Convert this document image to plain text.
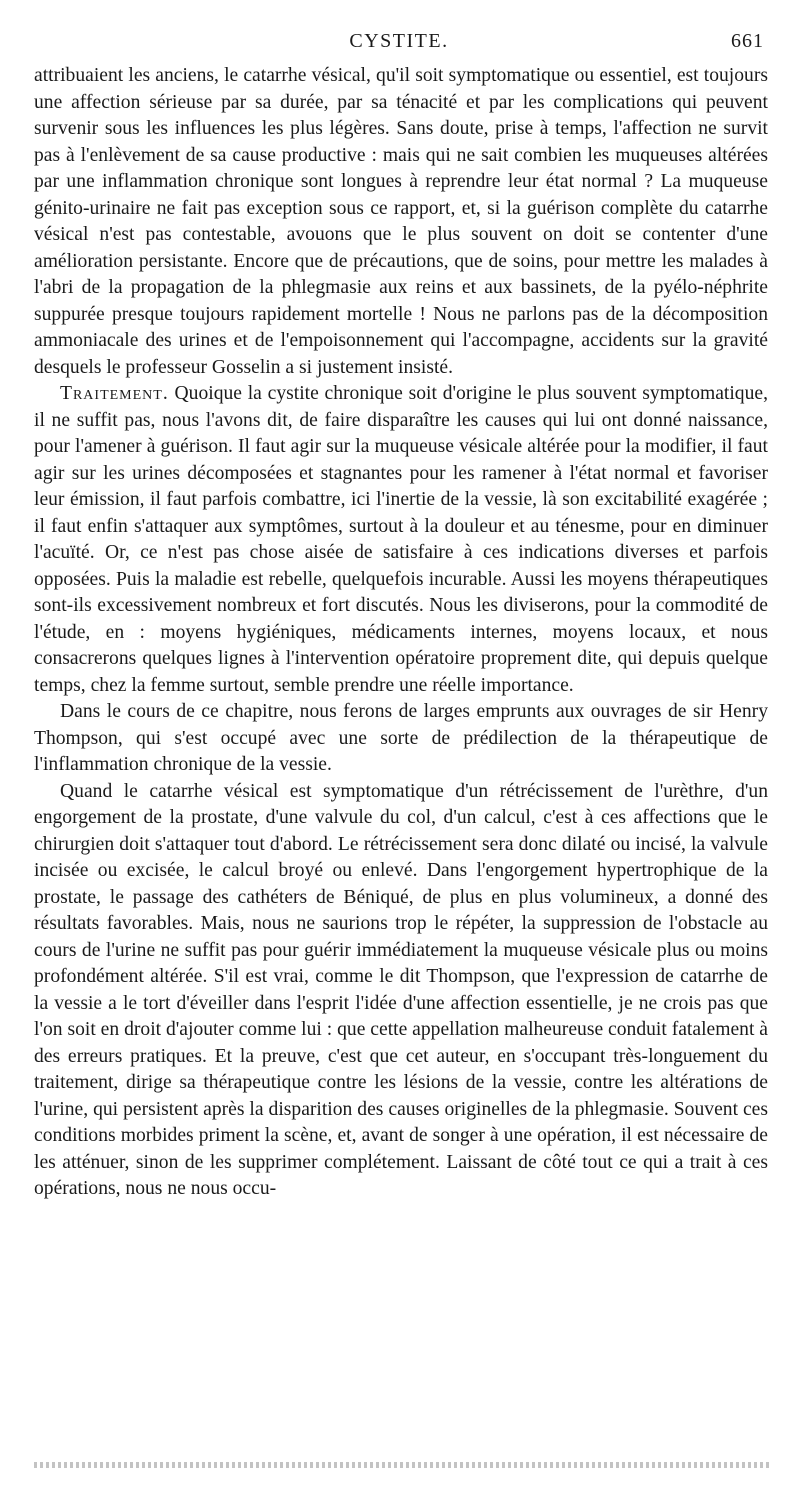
CYSTITE.	661

attribuaient les anciens, le catarrhe vésical, qu'il soit symptomatique ou essentiel, est toujours une affection sérieuse par sa durée, par sa ténacité et par les complications qui peuvent survenir sous les influences les plus légères. Sans doute, prise à temps, l'affection ne survit pas à l'enlèvement de sa cause productive : mais qui ne sait combien les muqueuses altérées par une inflammation chronique sont longues à reprendre leur état normal ? La muqueuse génito-urinaire ne fait pas exception sous ce rapport, et, si la guérison complète du catarrhe vésical n'est pas contestable, avouons que le plus souvent on doit se contenter d'une amélioration persistante. Encore que de précautions, que de soins, pour mettre les malades à l'abri de la propagation de la phlegmasie aux reins et aux bassinets, de la pyélo-néphrite suppurée presque toujours rapidement mortelle ! Nous ne parlons pas de la décomposition ammoniacale des urines et de l'empoisonnement qui l'accompagne, accidents sur la gravité desquels le professeur Gosselin a si justement insisté.

Traitement. Quoique la cystite chronique soit d'origine le plus souvent symptomatique, il ne suffit pas, nous l'avons dit, de faire disparaître les causes qui lui ont donné naissance, pour l'amener à guérison. Il faut agir sur la muqueuse vésicale altérée pour la modifier, il faut agir sur les urines décomposées et stagnantes pour les ramener à l'état normal et favoriser leur émission, il faut parfois combattre, ici l'inertie de la vessie, là son excitabilité exagérée ; il faut enfin s'attaquer aux symptômes, surtout à la douleur et au ténesme, pour en diminuer l'acuïté. Or, ce n'est pas chose aisée de satisfaire à ces indications diverses et parfois opposées. Puis la maladie est rebelle, quelquefois incurable. Aussi les moyens thérapeutiques sont-ils excessivement nombreux et fort discutés. Nous les diviserons, pour la commodité de l'étude, en : moyens hygiéniques, médicaments internes, moyens locaux, et nous consacrerons quelques lignes à l'intervention opératoire proprement dite, qui depuis quelque temps, chez la femme surtout, semble prendre une réelle importance.

Dans le cours de ce chapitre, nous ferons de larges emprunts aux ouvrages de sir Henry Thompson, qui s'est occupé avec une sorte de prédilection de la thérapeutique de l'inflammation chronique de la vessie.

Quand le catarrhe vésical est symptomatique d'un rétrécissement de l'urèthre, d'un engorgement de la prostate, d'une valvule du col, d'un calcul, c'est à ces affections que le chirurgien doit s'attaquer tout d'abord. Le rétrécissement sera donc dilaté ou incisé, la valvule incisée ou excisée, le calcul broyé ou enlevé. Dans l'engorgement hypertrophique de la prostate, le passage des cathéters de Béniqué, de plus en plus volumineux, a donné des résultats favorables. Mais, nous ne saurions trop le répéter, la suppression de l'obstacle au cours de l'urine ne suffit pas pour guérir immédiatement la muqueuse vésicale plus ou moins profondément altérée. S'il est vrai, comme le dit Thompson, que l'expression de catarrhe de la vessie a le tort d'éveiller dans l'esprit l'idée d'une affection essentielle, je ne crois pas que l'on soit en droit d'ajouter comme lui : que cette appellation malheureuse conduit fatalement à des erreurs pratiques. Et la preuve, c'est que cet auteur, en s'occupant très-longuement du traitement, dirige sa thérapeutique contre les lésions de la vessie, contre les altérations de l'urine, qui persistent après la disparition des causes originelles de la phlegmasie. Souvent ces conditions morbides priment la scène, et, avant de songer à une opération, il est nécessaire de les atténuer, sinon de les supprimer complétement. Laissant de côté tout ce qui a trait à ces opérations, nous ne nous occu-
